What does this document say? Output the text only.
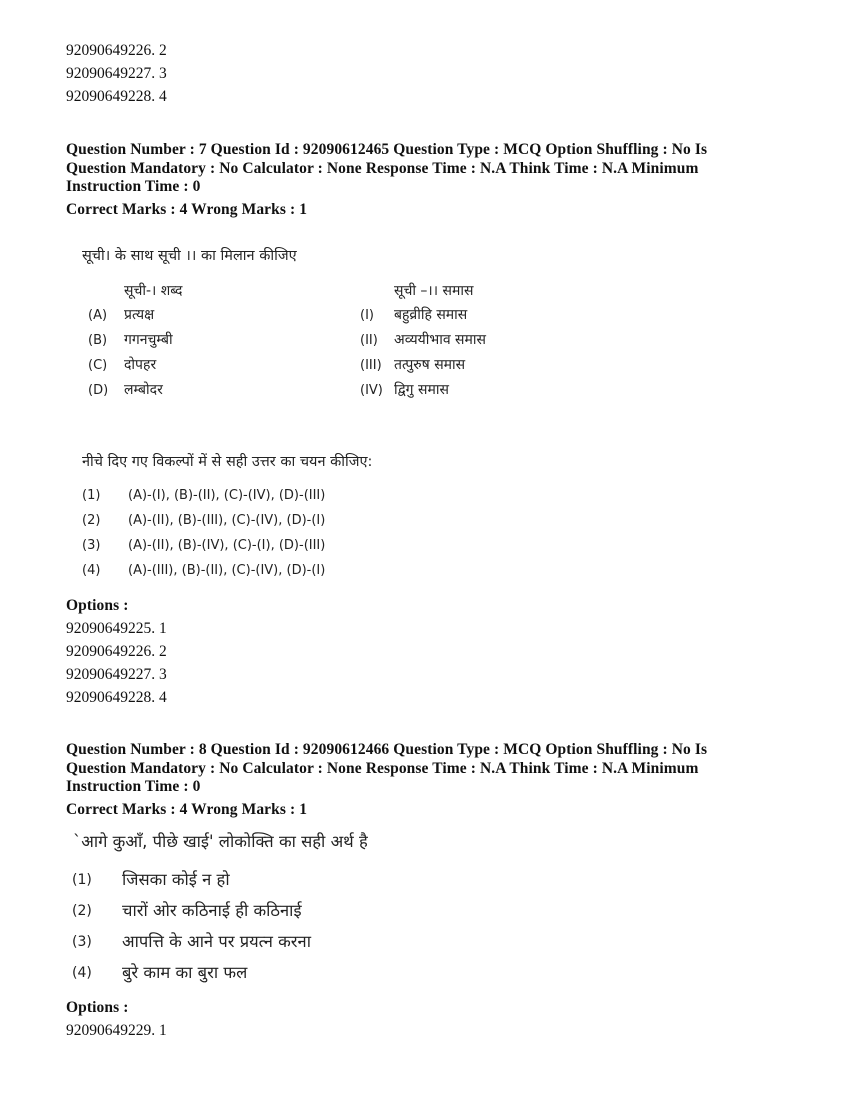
92090649226. 2
92090649227. 3
92090649228. 4
Question Number : 7 Question Id : 92090612465 Question Type : MCQ Option Shuffling : No Is
Question Mandatory : No Calculator : None Response Time : N.A Think Time : N.A Minimum
Instruction Time : 0
Correct Marks : 4 Wrong Marks : 1
सूची। के साथ सूची ।। का मिलान कीजिए
सूची-। शब्द	सूची –।। समास
(A) प्रत्यक्ष	(I) बहुव्रीहि समास
(B) गगनचुम्बी	(II) अव्ययीभाव समास
(C) दोपहर	(III) तत्पुरुष समास
(D) लम्बोदर	(IV) द्विगु समास
नीचे दिए गए विकल्पों में से सही उत्तर का चयन कीजिए:
(1) (A)-(I), (B)-(II), (C)-(IV), (D)-(III)
(2) (A)-(II), (B)-(III), (C)-(IV), (D)-(I)
(3) (A)-(II), (B)-(IV), (C)-(I), (D)-(III)
(4) (A)-(III), (B)-(II), (C)-(IV), (D)-(I)
Options :
92090649225. 1
92090649226. 2
92090649227. 3
92090649228. 4
Question Number : 8 Question Id : 92090612466 Question Type : MCQ Option Shuffling : No Is
Question Mandatory : No Calculator : None Response Time : N.A Think Time : N.A Minimum
Instruction Time : 0
Correct Marks : 4 Wrong Marks : 1
`आगे कुआँ, पीछे खाई' लोकोक्ति का सही अर्थ है
(1) जिसका कोई न हो
(2) चारों ओर कठिनाई ही कठिनाई
(3) आपत्ति के आने पर प्रयत्न करना
(4) बुरे काम का बुरा फल
Options :
92090649229. 1
